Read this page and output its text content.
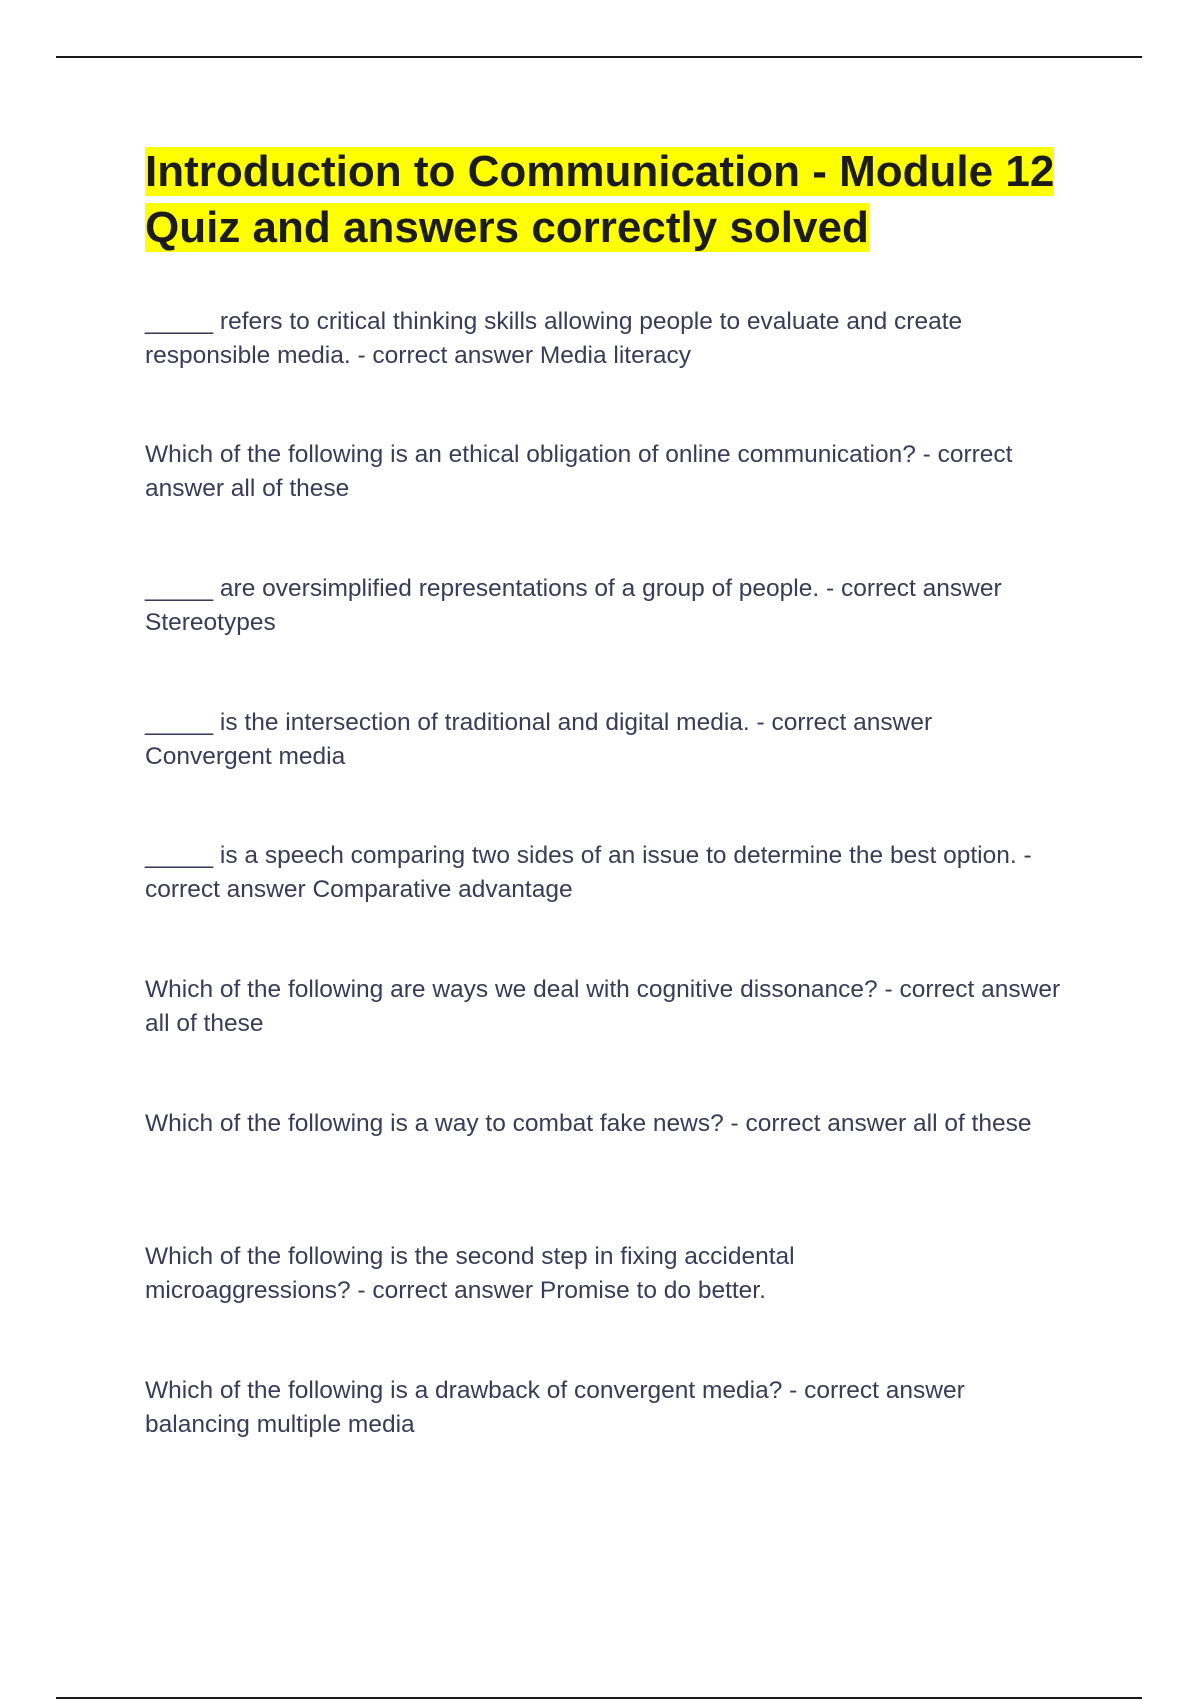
Introduction to Communication - Module 12 Quiz and answers correctly solved

_____ refers to critical thinking skills allowing people to evaluate and create responsible media. - correct answer Media literacy

Which of the following is an ethical obligation of online communication? - correct answer all of these

_____ are oversimplified representations of a group of people. - correct answer Stereotypes

_____ is the intersection of traditional and digital media. - correct answer Convergent media

_____ is a speech comparing two sides of an issue to determine the best option. - correct answer Comparative advantage

Which of the following are ways we deal with cognitive dissonance? - correct answer all of these

Which of the following is a way to combat fake news? - correct answer all of these

Which of the following is the second step in fixing accidental microaggressions? - correct answer Promise to do better.

Which of the following is a drawback of convergent media? - correct answer balancing multiple media
